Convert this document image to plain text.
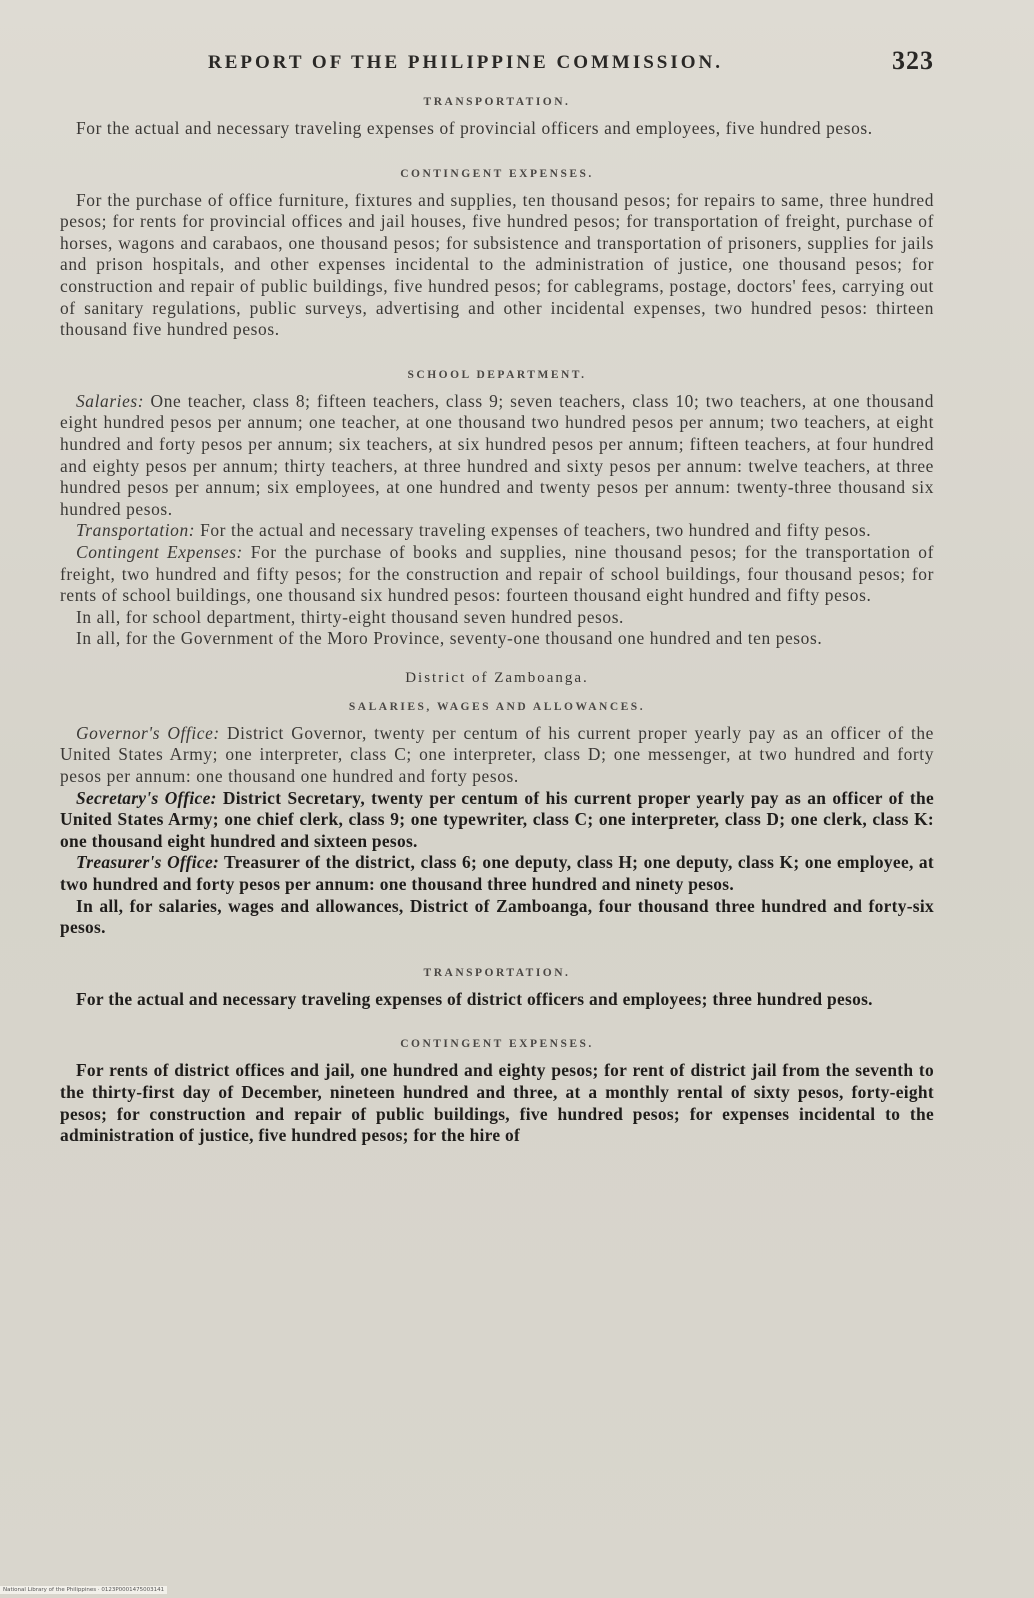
REPORT OF THE PHILIPPINE COMMISSION.	323
TRANSPORTATION.

For the actual and necessary traveling expenses of provincial officers and employees, five hundred pesos.

CONTINGENT EXPENSES.

For the purchase of office furniture, fixtures and supplies, ten thousand pesos; for repairs to same, three hundred pesos; for rents for provincial offices and jail houses, five hundred pesos; for transportation of freight, purchase of horses, wagons and carabaos, one thousand pesos; for subsistence and transportation of prisoners, supplies for jails and prison hospitals, and other expenses incidental to the administration of justice, one thousand pesos; for construction and repair of public buildings, five hundred pesos; for cablegrams, postage, doctors' fees, carrying out of sanitary regulations, public surveys, advertising and other incidental expenses, two hundred pesos: thirteen thousand five hundred pesos.

SCHOOL DEPARTMENT.

Salaries: One teacher, class 8; fifteen teachers, class 9; seven teachers, class 10; two teachers, at one thousand eight hundred pesos per annum; one teacher, at one thousand two hundred pesos per annum; two teachers, at eight hundred and forty pesos per annum; six teachers, at six hundred pesos per annum; fifteen teachers, at four hundred and eighty pesos per annum; thirty teachers, at three hundred and sixty pesos per annum: twelve teachers, at three hundred pesos per annum; six employees, at one hundred and twenty pesos per annum: twenty-three thousand six hundred pesos.

Transportation: For the actual and necessary traveling expenses of teachers, two hundred and fifty pesos.

Contingent Expenses: For the purchase of books and supplies, nine thousand pesos; for the transportation of freight, two hundred and fifty pesos; for the construction and repair of school buildings, four thousand pesos; for rents of school buildings, one thousand six hundred pesos: fourteen thousand eight hundred and fifty pesos.

In all, for school department, thirty-eight thousand seven hundred pesos.

In all, for the Government of the Moro Province, seventy-one thousand one hundred and ten pesos.

District of Zamboanga.
SALARIES, WAGES AND ALLOWANCES.

Governor's Office: District Governor, twenty per centum of his current proper yearly pay as an officer of the United States Army; one interpreter, class C; one interpreter, class D; one messenger, at two hundred and forty pesos per annum: one thousand one hundred and forty pesos.

Secretary's Office: District Secretary, twenty per centum of his current proper yearly pay as an officer of the United States Army; one chief clerk, class 9; one typewriter, class C; one interpreter, class D; one clerk, class K: one thousand eight hundred and sixteen pesos.

Treasurer's Office: Treasurer of the district, class 6; one deputy, class H; one deputy, class K; one employee, at two hundred and forty pesos per annum: one thousand three hundred and ninety pesos.

In all, for salaries, wages and allowances, District of Zamboanga, four thousand three hundred and forty-six pesos.

TRANSPORTATION.

For the actual and necessary traveling expenses of district officers and employees; three hundred pesos.

CONTINGENT EXPENSES.

For rents of district offices and jail, one hundred and eighty pesos; for rent of district jail from the seventh to the thirty-first day of December, nineteen hundred and three, at a monthly rental of sixty pesos, forty-eight pesos; for construction and repair of public buildings, five hundred pesos; for expenses incidental to the administration of justice, five hundred pesos; for the hire of

National Library of the Philippines · 0123P0001475003141
